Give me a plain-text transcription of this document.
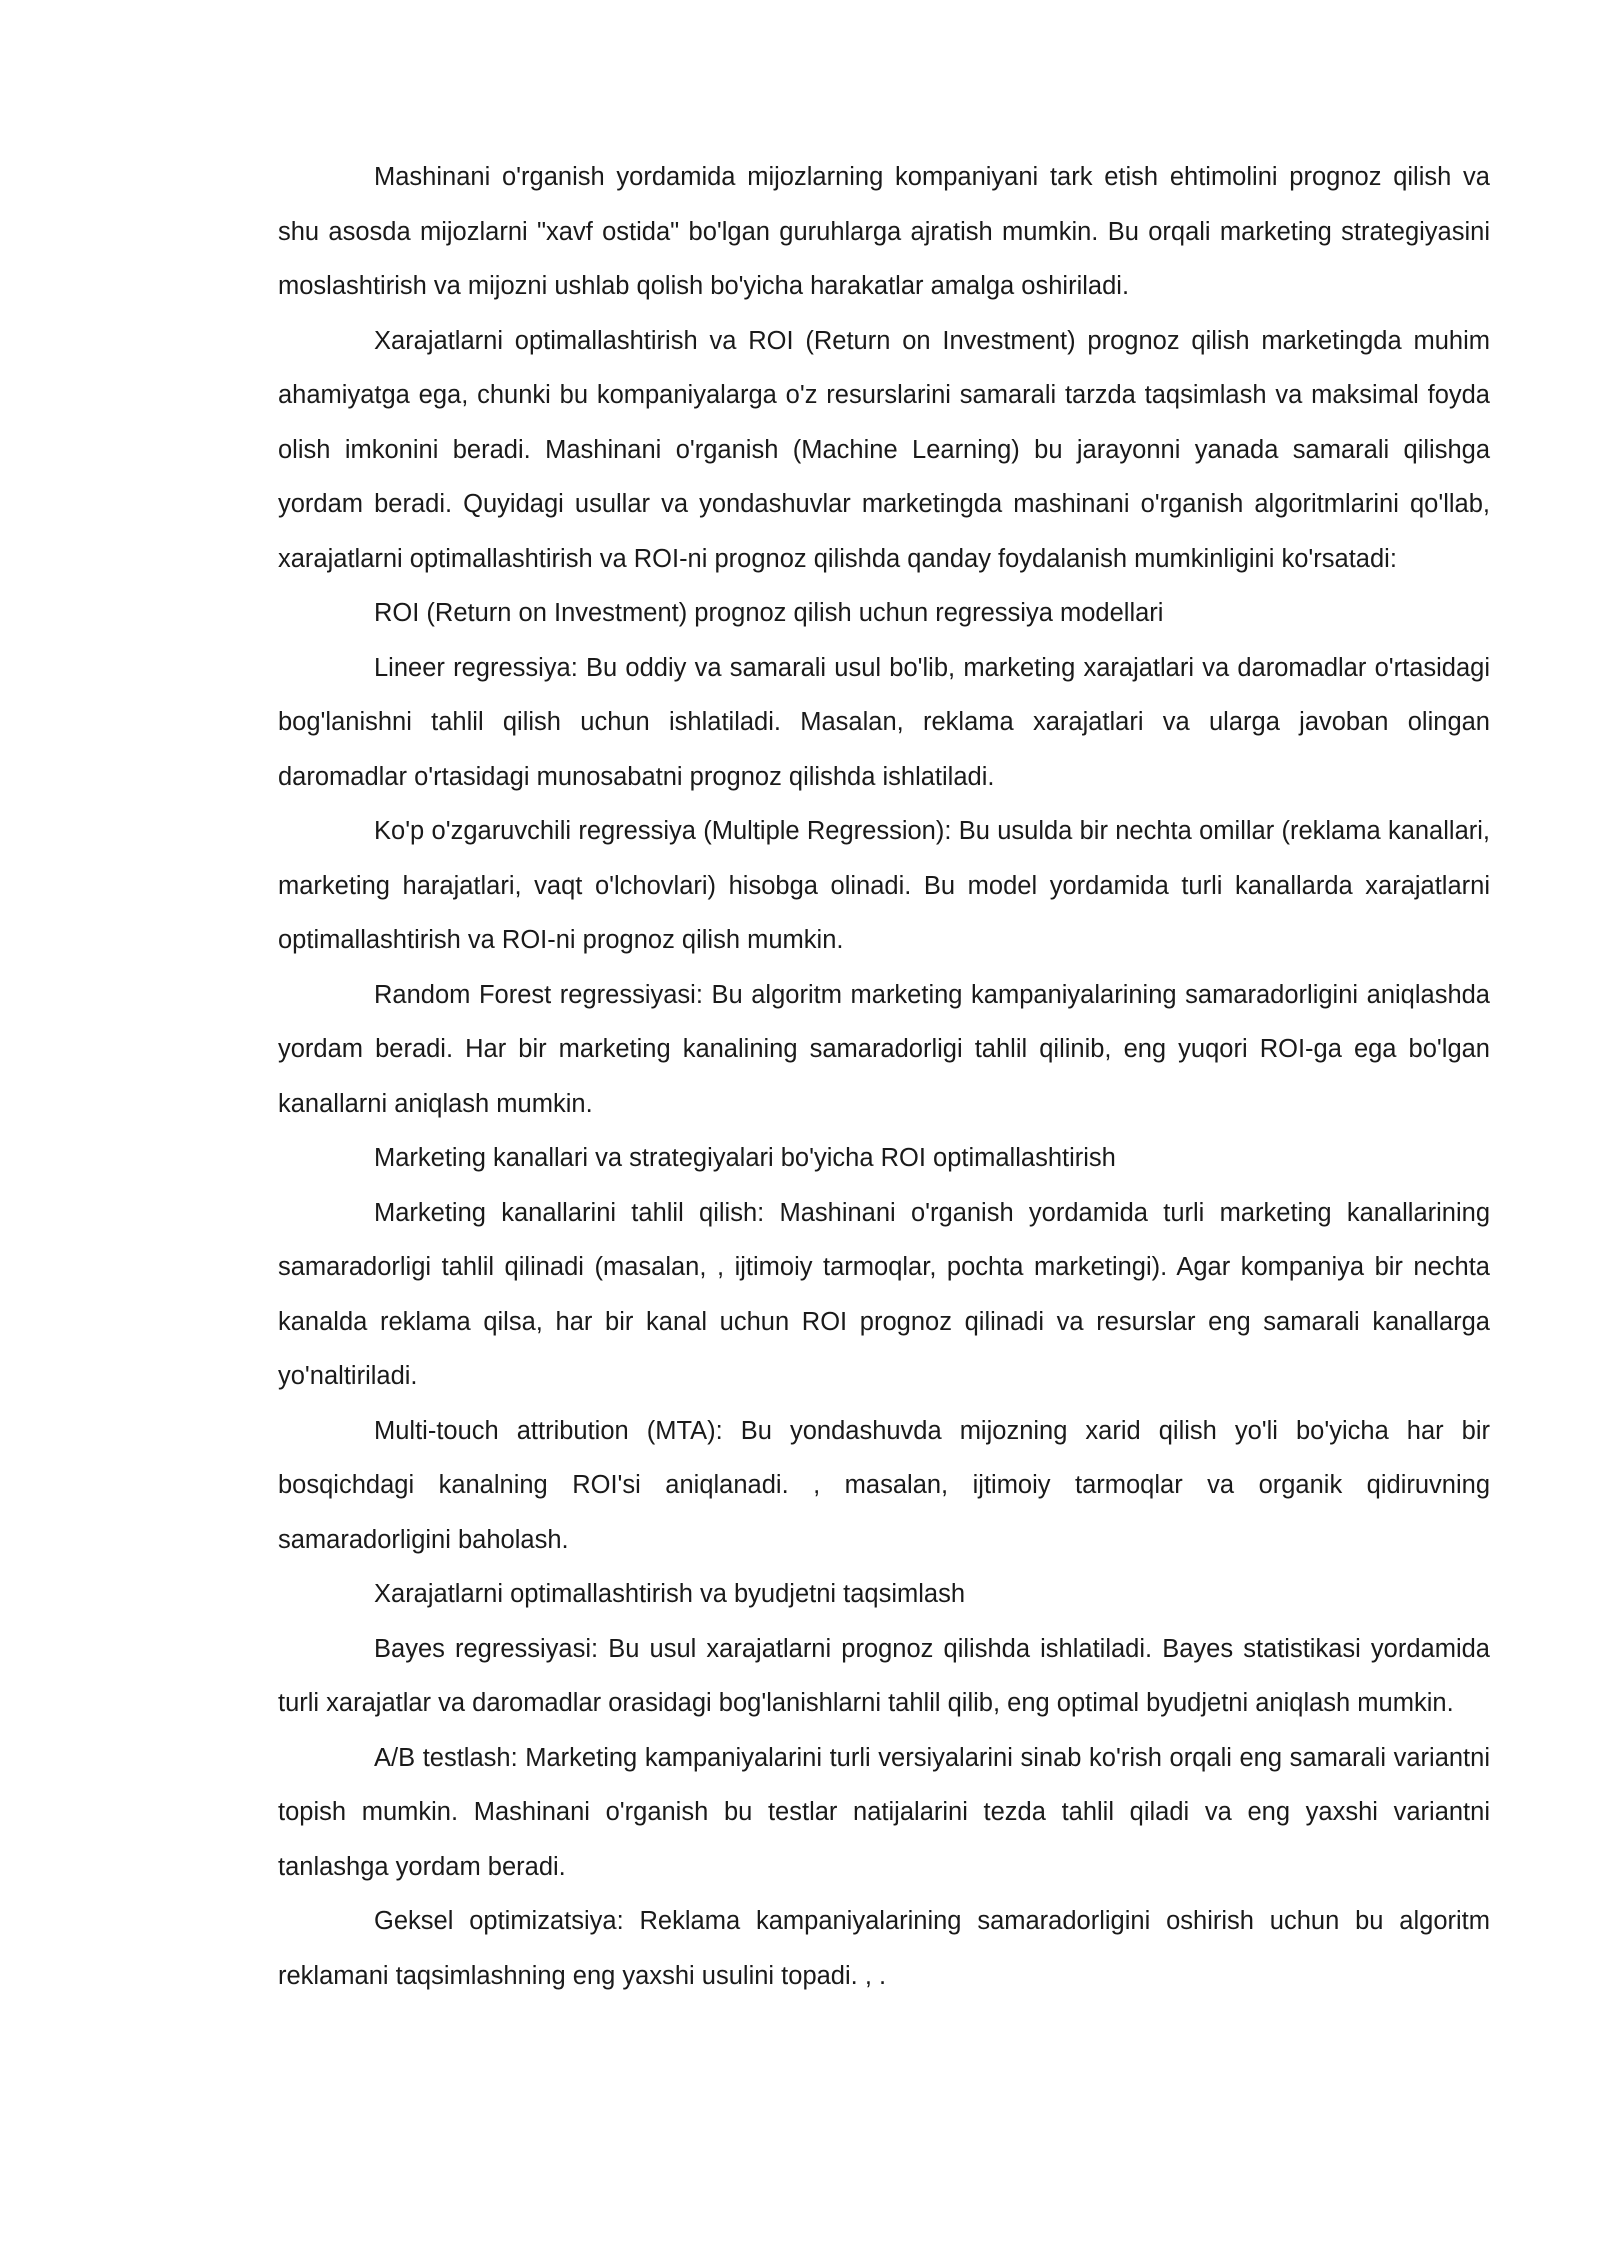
Mashinani o'rganish yordamida mijozlarning kompaniyani tark etish ehtimolini prognoz qilish va shu asosda mijozlarni "xavf ostida" bo'lgan guruhlarga ajratish mumkin. Bu orqali marketing strategiyasini moslashtirish va mijozni ushlab qolish bo'yicha harakatlar amalga oshiriladi.

Xarajatlarni optimallashtirish va ROI (Return on Investment) prognoz qilish marketingda muhim ahamiyatga ega, chunki bu kompaniyalarga o'z resurslarini samarali tarzda taqsimlash va maksimal foyda olish imkonini beradi. Mashinani o'rganish (Machine Learning) bu jarayonni yanada samarali qilishga yordam beradi. Quyidagi usullar va yondashuvlar marketingda mashinani o'rganish algoritmlarini qo'llab, xarajatlarni optimallashtirish va ROI-ni prognoz qilishda qanday foydalanish mumkinligini ko'rsatadi:

ROI (Return on Investment) prognoz qilish uchun regressiya modellari

Lineer regressiya: Bu oddiy va samarali usul bo'lib, marketing xarajatlari va daromadlar o'rtasidagi bog'lanishni tahlil qilish uchun ishlatiladi. Masalan, reklama xarajatlari va ularga javoban olingan daromadlar o'rtasidagi munosabatni prognoz qilishda ishlatiladi.

Ko'p o'zgaruvchili regressiya (Multiple Regression): Bu usulda bir nechta omillar (reklama kanallari, marketing harajatlari, vaqt o'lchovlari) hisobga olinadi. Bu model yordamida turli kanallarda xarajatlarni optimallashtirish va ROI-ni prognoz qilish mumkin.

Random Forest regressiyasi: Bu algoritm marketing kampaniyalarining samaradorligini aniqlashda yordam beradi. Har bir marketing kanalining samaradorligi tahlil qilinib, eng yuqori ROI-ga ega bo'lgan kanallarni aniqlash mumkin.

Marketing kanallari va strategiyalari bo'yicha ROI optimallashtirish

Marketing kanallarini tahlil qilish: Mashinani o'rganish yordamida turli marketing kanallarining samaradorligi tahlil qilinadi (masalan, , ijtimoiy tarmoqlar, pochta marketingi). Agar kompaniya bir nechta kanalda reklama qilsa, har bir kanal uchun ROI prognoz qilinadi va resurslar eng samarali kanallarga yo'naltiriladi.

Multi-touch attribution (MTA): Bu yondashuvda mijozning xarid qilish yo'li bo'yicha har bir bosqichdagi kanalning ROI'si aniqlanadi. , masalan, ijtimoiy tarmoqlar va organik qidiruvning samaradorligini baholash.

Xarajatlarni optimallashtirish va byudjetni taqsimlash

Bayes regressiyasi: Bu usul xarajatlarni prognoz qilishda ishlatiladi. Bayes statistikasi yordamida turli xarajatlar va daromadlar orasidagi bog'lanishlarni tahlil qilib, eng optimal byudjetni aniqlash mumkin.

A/B testlash: Marketing kampaniyalarini turli versiyalarini sinab ko'rish orqali eng samarali variantni topish mumkin. Mashinani o'rganish bu testlar natijalarini tezda tahlil qiladi va eng yaxshi variantni tanlashga yordam beradi.

Geksel optimizatsiya: Reklama kampaniyalarining samaradorligini oshirish uchun bu algoritm reklamani taqsimlashning eng yaxshi usulini topadi. , .
